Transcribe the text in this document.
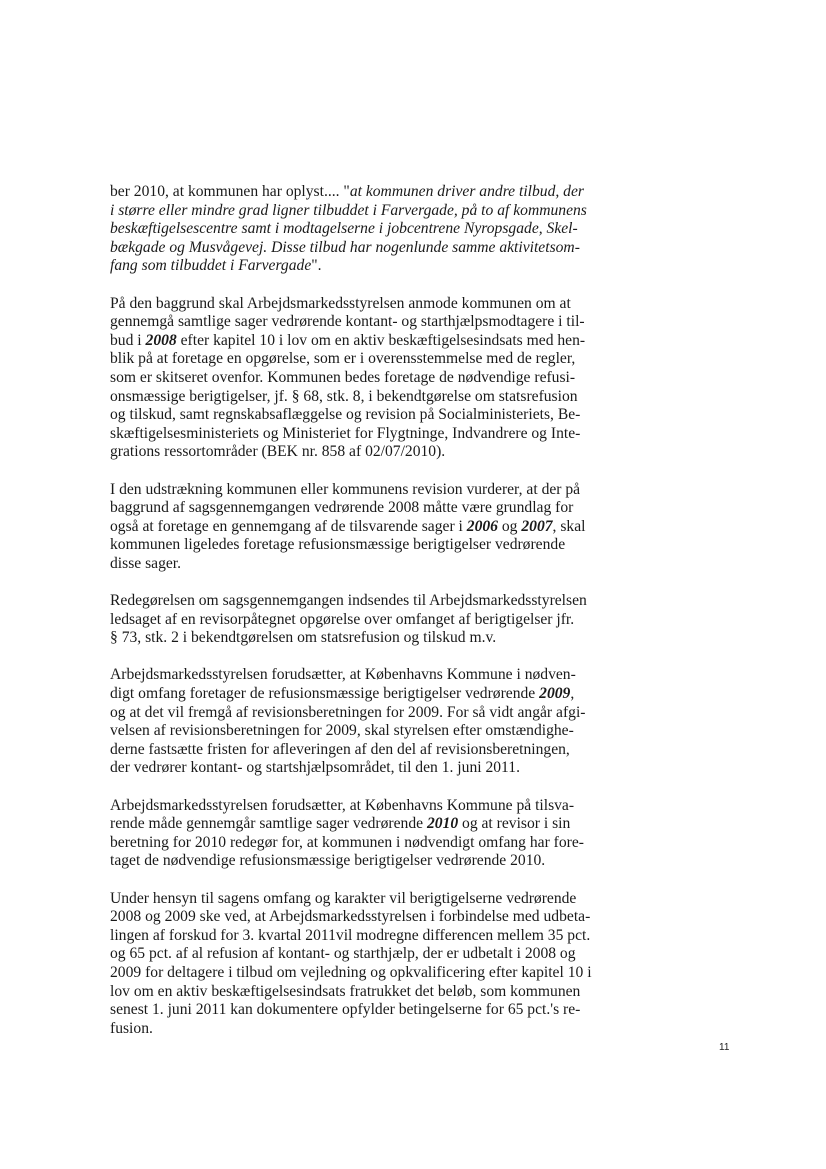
ber 2010, at kommunen har oplyst.... "at kommunen driver andre tilbud, der
i større eller mindre grad ligner tilbuddet i Farvergade, på to af kommunens
beskæftigelsescentre samt i modtagelserne i jobcentrene Nyropsgade, Skel-
bækgade og Musvågevej. Disse tilbud har nogenlunde samme aktivitetsom-
fang som tilbuddet i Farvergade".
På den baggrund skal Arbejdsmarkedsstyrelsen anmode kommunen om at
gennemgå samtlige sager vedrørende kontant- og starthjælpsmodtagere i til-
bud i 2008 efter kapitel 10 i lov om en aktiv beskæftigelsesindsats med hen-
blik på at foretage en opgørelse, som er i overensstemmelse med de regler,
som er skitseret ovenfor. Kommunen bedes foretage de nødvendige refusi-
onsmæssige berigtigelser, jf. § 68, stk. 8, i bekendtgørelse om statsrefusion
og tilskud, samt regnskabsaflæggelse og revision på Socialministeriets, Be-
skæftigelsesministeriets og Ministeriet for Flygtninge, Indvandrere og Inte-
grations ressortområder (BEK nr. 858 af 02/07/2010).
I den udstrækning kommunen eller kommunens revision vurderer, at der på
baggrund af sagsgennemgangen vedrørende 2008 måtte være grundlag for
også at foretage en gennemgang af de tilsvarende sager i 2006 og 2007, skal
kommunen ligeledes foretage refusionsmæssige berigtigelser vedrørende
disse sager.
Redegørelsen om sagsgennemgangen indsendes til Arbejdsmarkedsstyrelsen
ledsaget af en revisorpåtegnet opgørelse over omfanget af berigtigelser jfr.
§ 73, stk. 2 i bekendtgørelsen om statsrefusion og tilskud m.v.
Arbejdsmarkedsstyrelsen forudsætter, at Københavns Kommune i nødven-
digt omfang foretager de refusionsmæssige berigtigelser vedrørende 2009,
og at det vil fremgå af revisionsberetningen for 2009. For så vidt angår afgi-
velsen af revisionsberetningen for 2009, skal styrelsen efter omstændighe-
derne fastsætte fristen for afleveringen af den del af revisionsberetningen,
der vedrører kontant- og startshjælpsområdet, til den 1. juni 2011.
Arbejdsmarkedsstyrelsen forudsætter, at Københavns Kommune på tilsva-
rende måde gennemgår samtlige sager vedrørende 2010 og at revisor i sin
beretning for 2010 redegør for, at kommunen i nødvendigt omfang har fore-
taget de nødvendige refusionsmæssige berigtigelser vedrørende 2010.
Under hensyn til sagens omfang og karakter vil berigtigelserne vedrørende
2008 og 2009 ske ved, at Arbejdsmarkedsstyrelsen i forbindelse med udbeta-
lingen af forskud for 3. kvartal 2011vil modregne differencen mellem 35 pct.
og 65 pct. af al refusion af kontant- og starthjælp, der er udbetalt i 2008 og
2009 for deltagere i tilbud om vejledning og opkvalificering efter kapitel 10 i
lov om en aktiv beskæftigelsesindsats fratrukket det beløb, som kommunen
senest 1. juni 2011 kan dokumentere opfylder betingelserne for 65 pct.'s re-
fusion.
11
